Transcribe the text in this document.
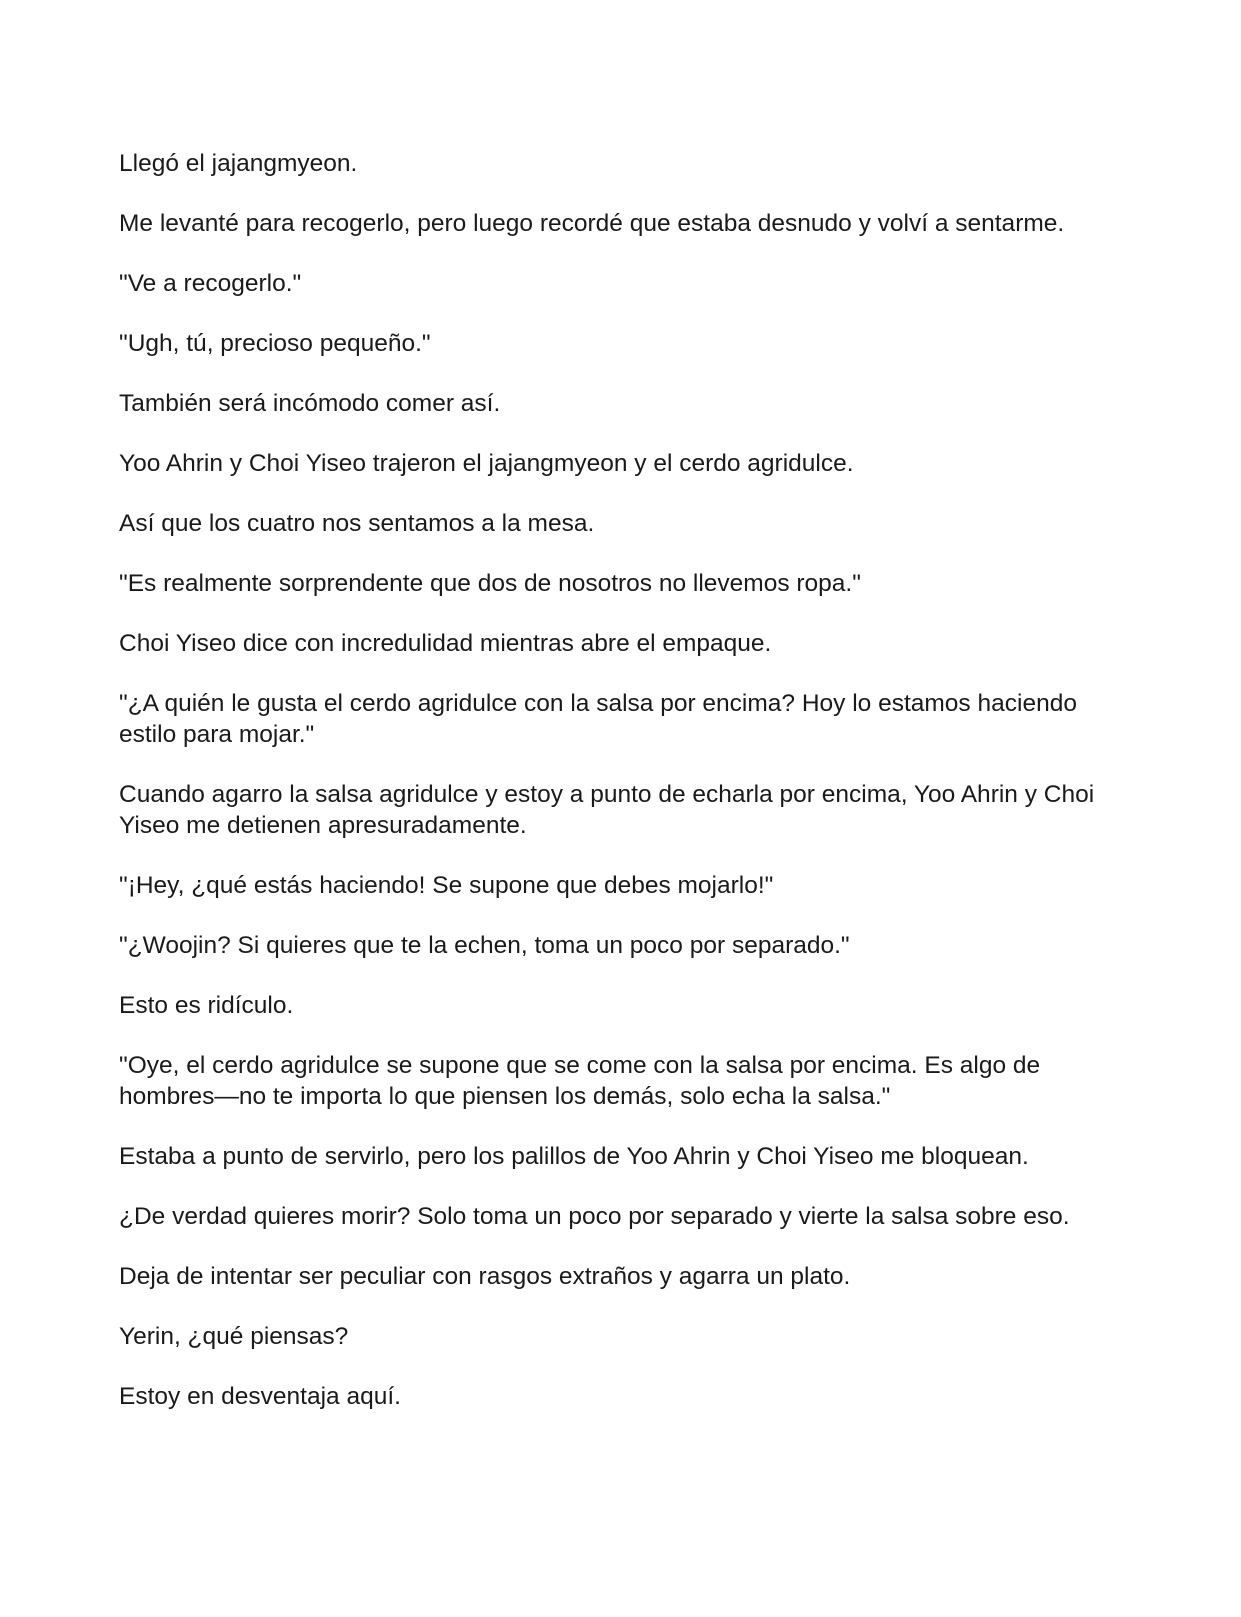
Llegó el jajangmyeon.

Me levanté para recogerlo, pero luego recordé que estaba desnudo y volví a sentarme.

"Ve a recogerlo."

"Ugh, tú, precioso pequeño."

También será incómodo comer así.

Yoo Ahrin y Choi Yiseo trajeron el jajangmyeon y el cerdo agridulce.

Así que los cuatro nos sentamos a la mesa.

"Es realmente sorprendente que dos de nosotros no llevemos ropa."

Choi Yiseo dice con incredulidad mientras abre el empaque.

"¿A quién le gusta el cerdo agridulce con la salsa por encima? Hoy lo estamos haciendo estilo para mojar."

Cuando agarro la salsa agridulce y estoy a punto de echarla por encima, Yoo Ahrin y Choi Yiseo me detienen apresuradamente.

"¡Hey, ¿qué estás haciendo! Se supone que debes mojarlo!"

"¿Woojin? Si quieres que te la echen, toma un poco por separado."

Esto es ridículo.

"Oye, el cerdo agridulce se supone que se come con la salsa por encima. Es algo de hombres—no te importa lo que piensen los demás, solo echa la salsa."

Estaba a punto de servirlo, pero los palillos de Yoo Ahrin y Choi Yiseo me bloquean.

¿De verdad quieres morir? Solo toma un poco por separado y vierte la salsa sobre eso.

Deja de intentar ser peculiar con rasgos extraños y agarra un plato.

Yerin, ¿qué piensas?

Estoy en desventaja aquí.
